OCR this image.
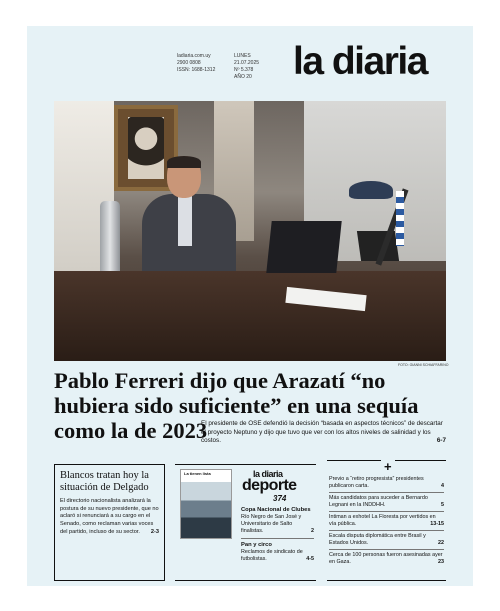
ladiaria.com.uy
2900 0808
ISSN: 1688-1312
LUNES
21.07.2025
Nº 5.378
AÑO 20 la diaria
FOTO: GIANNI SCHIAFFARINO
Pablo Ferreri dijo que Arazatí “no hubiera sido suficiente” en una sequía como la de 2023

El presidente de OSE defendió la decisión “basada en aspectos técnicos” de descartar el proyecto Neptuno y dijo que tuvo que ver con los altos niveles de salinidad y los costos.	6-7

Blancos tratan hoy la situación de Delgado

El directorio nacionalista analizará la postura de su nuevo presidente, que no aclaró si renunciará a su cargo en el Senado, como reclaman varias voces del partido, incluso de su sector. 2-3

La tienen lista	la diaria
deporte
374
Copa Nacional de Clubes
Río Negro de San José y Universitario de Salto finalistas.	2
Pan y circo
Reclamos de sindicato de futbolistas.	4-5
+
Previo a “retiro progresista” presidentes publicaron carta.	4
Más candidatos para suceder a Bernardo Legnani en la INDDHH.	5
Intiman a exhotel La Floresta por vertidos en vía pública.	13-15
Escala disputa diplomática entre Brasil y Estados Unidos.	22
Cerca de 100 personas fueron asesinadas ayer en Gaza.	23
